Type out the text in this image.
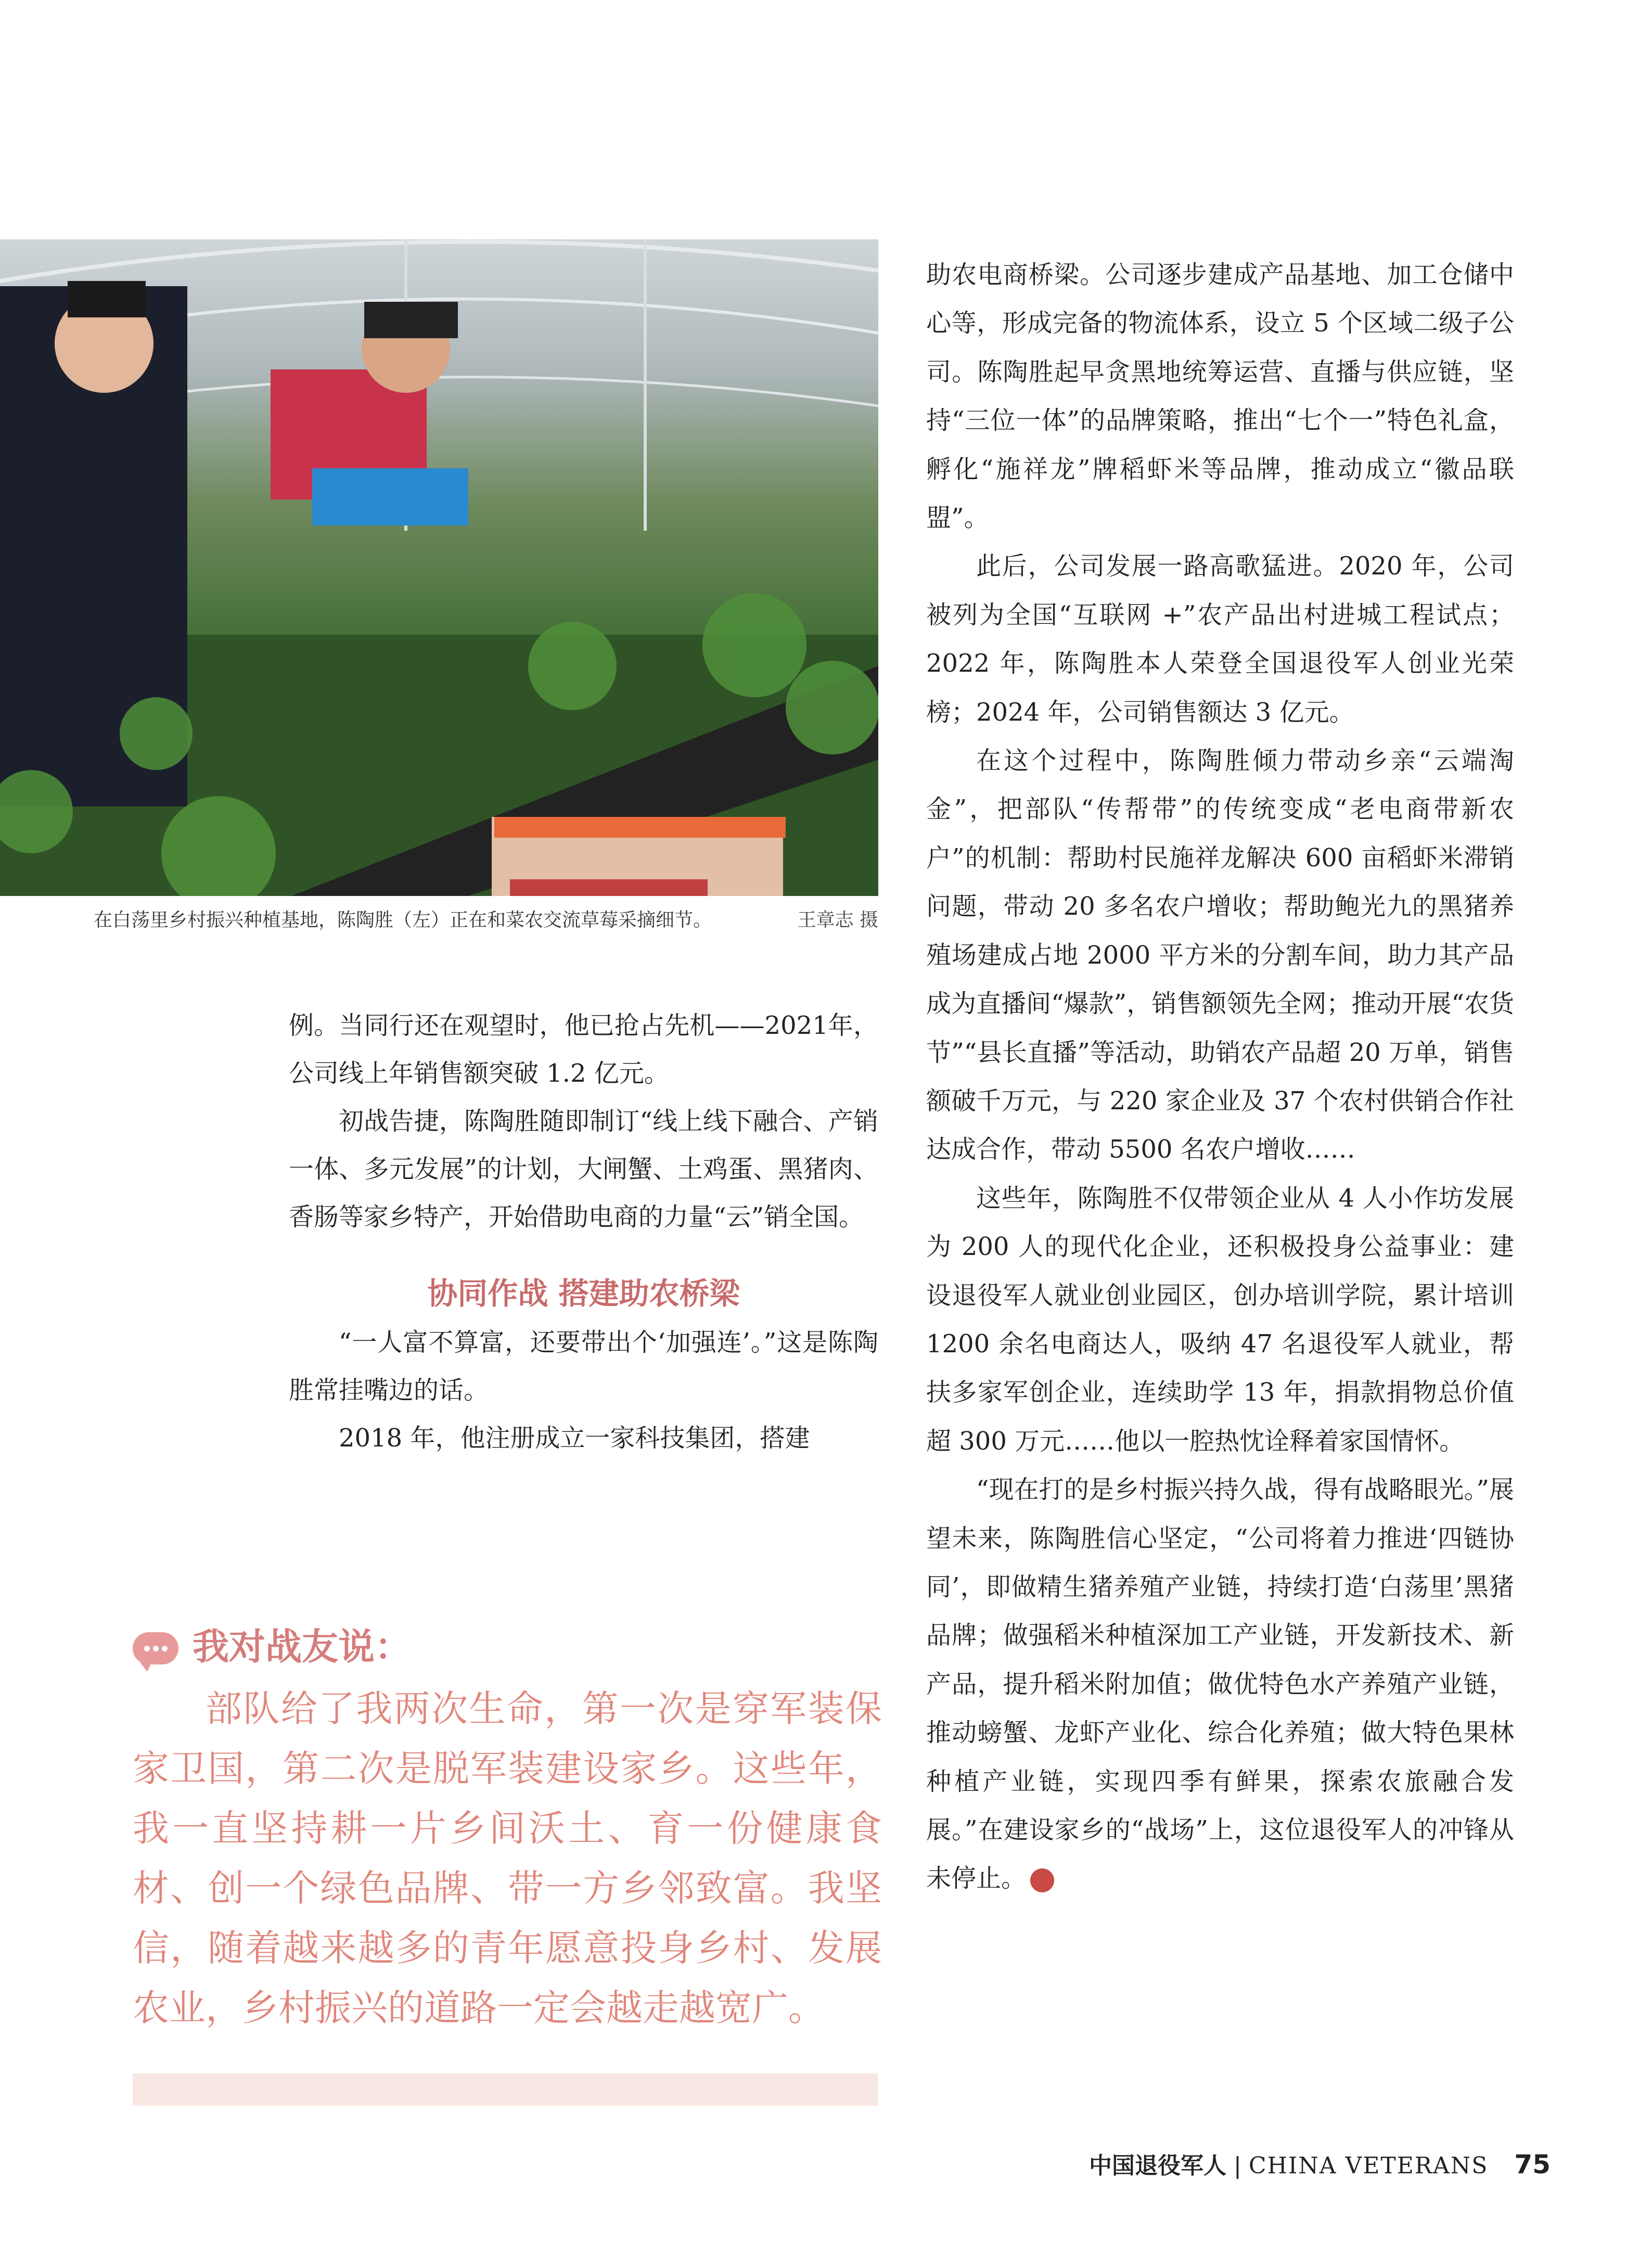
在白荡里乡村振兴种植基地，陈陶胜（左）正在和菜农交流草莓采摘细节。	王章志 摄

例。当同行还在观望时，他已抢占先机——2021年，公司线上年销售额突破 1.2 亿元。

初战告捷，陈陶胜随即制订“线上线下融合、产销一体、多元发展”的计划，大闸蟹、土鸡蛋、黑猪肉、香肠等家乡特产，开始借助电商的力量“云”销全国。

协同作战 搭建助农桥梁

“一人富不算富，还要带出个‘加强连’。”这是陈陶胜常挂嘴边的话。

2018 年，他注册成立一家科技集团，搭建

我对战友说：
部队给了我两次生命，第一次是穿军装保家卫国，第二次是脱军装建设家乡。这些年，我一直坚持耕一片乡间沃土、育一份健康食材、创一个绿色品牌、带一方乡邻致富。我坚信，随着越来越多的青年愿意投身乡村、发展农业，乡村振兴的道路一定会越走越宽广。

助农电商桥梁。公司逐步建成产品基地、加工仓储中心等，形成完备的物流体系，设立 5 个区域二级子公司。陈陶胜起早贪黑地统筹运营、直播与供应链，坚持“三位一体”的品牌策略，推出“七个一”特色礼盒，孵化“施祥龙”牌稻虾米等品牌，推动成立“徽品联盟”。

此后，公司发展一路高歌猛进。2020 年，公司被列为全国“互联网 +”农产品出村进城工程试点；2022 年，陈陶胜本人荣登全国退役军人创业光荣榜；2024 年，公司销售额达 3 亿元。

在这个过程中，陈陶胜倾力带动乡亲“云端淘金”，把部队“传帮带”的传统变成“老电商带新农户”的机制：帮助村民施祥龙解决 600 亩稻虾米滞销问题，带动 20 多名农户增收；帮助鲍光九的黑猪养殖场建成占地 2000 平方米的分割车间，助力其产品成为直播间“爆款”，销售额领先全网；推动开展“农货节”“县长直播”等活动，助销农产品超 20 万单，销售额破千万元，与 220 家企业及 37 个农村供销合作社达成合作，带动 5500 名农户增收……

这些年，陈陶胜不仅带领企业从 4 人小作坊发展为 200 人的现代化企业，还积极投身公益事业：建设退役军人就业创业园区，创办培训学院，累计培训 1200 余名电商达人，吸纳 47 名退役军人就业，帮扶多家军创企业，连续助学 13 年，捐款捐物总价值超 300 万元……他以一腔热忱诠释着家国情怀。

“现在打的是乡村振兴持久战，得有战略眼光。”展望未来，陈陶胜信心坚定，“公司将着力推进‘四链协同’，即做精生猪养殖产业链，持续打造‘白荡里’黑猪品牌；做强稻米种植深加工产业链，开发新技术、新产品，提升稻米附加值；做优特色水产养殖产业链，推动螃蟹、龙虾产业化、综合化养殖；做大特色果林种植产业链，实现四季有鲜果，探索农旅融合发展。”在建设家乡的“战场”上，这位退役军人的冲锋从未停止。	V

中国退役军人 | CHINA VETERANS 75
